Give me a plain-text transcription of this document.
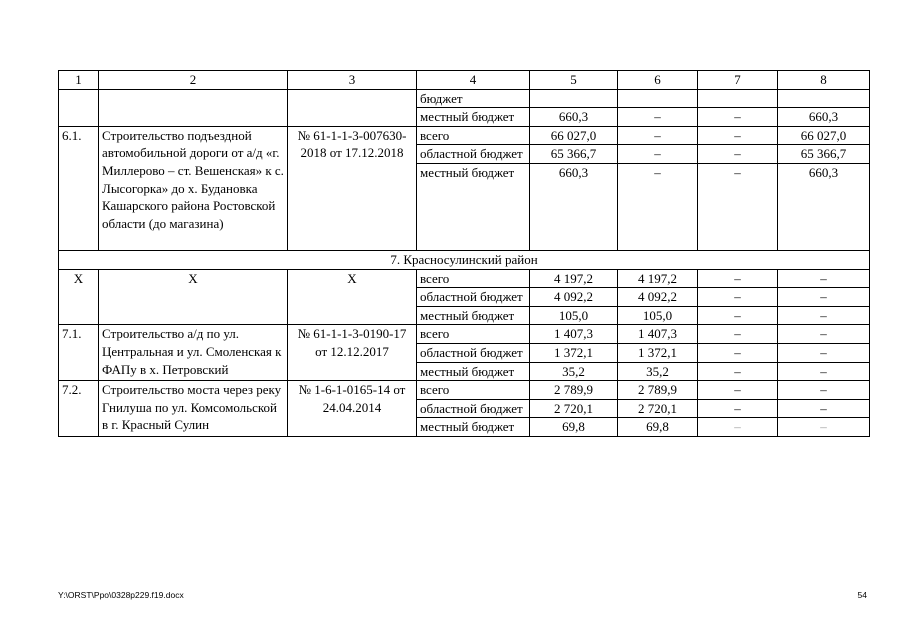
1	2	3	4	5	6	7	8
			бюджет				
			местный бюджет	660,3	–	–	660,3
6.1.	Строительство подъездной автомобильной дороги от а/д «г. Миллерово – ст. Вешенская» к с. Лысогорка» до х. Будановка Кашарского района Ростовской области (до магазина)	№ 61-1-1-3-007630-2018 от 17.12.2018	всего	66 027,0	–	–	66 027,0
			областной бюджет	65 366,7	–	–	65 366,7
			местный бюджет	660,3	–	–	660,3
7. Красносулинский район							
X	X	X	всего	4 197,2	4 197,2	–	–
			областной бюджет	4 092,2	4 092,2	–	–
			местный бюджет	105,0	105,0	–	–
7.1.	Строительство а/д по ул. Центральная и ул. Смоленская к ФАПу в х. Петровский	№ 61-1-1-3-0190-17 от 12.12.2017	всего	1 407,3	1 407,3	–	–
			областной бюджет	1 372,1	1 372,1	–	–
			местный бюджет	35,2	35,2	–	–
7.2.	Строительство моста через реку Гнилуша по ул. Комсомольской в г. Красный Сулин	№ 1-6-1-0165-14 от 24.04.2014	всего	2 789,9	2 789,9	–	–
			областной бюджет	2 720,1	2 720,1	–	–
			местный бюджет	69,8	69,8	–	–
Y:\ORST\Ppo\0328p229.f19.docx	54
